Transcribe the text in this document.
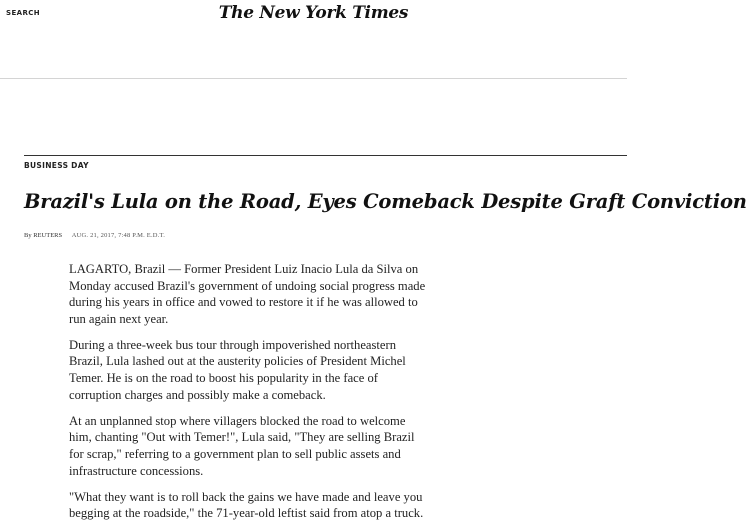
SEARCH	The New York Times
BUSINESS DAY
Brazil's Lula on the Road, Eyes Comeback Despite Graft Conviction
By REUTERS AUG. 21, 2017, 7:48 P.M. E.D.T.

LAGARTO, Brazil — Former President Luiz Inacio Lula da Silva on Monday accused Brazil's government of undoing social progress made during his years in office and vowed to restore it if he was allowed to run again next year.

During a three-week bus tour through impoverished northeastern Brazil, Lula lashed out at the austerity policies of President Michel Temer. He is on the road to boost his popularity in the face of corruption charges and possibly make a comeback.

At an unplanned stop where villagers blocked the road to welcome him, chanting "Out with Temer!", Lula said, "They are selling Brazil for scrap," referring to a government plan to sell public assets and infrastructure concessions.

"What they want is to roll back the gains we have made and leave you begging at the roadside," the 71-year-old leftist said from atop a truck.
